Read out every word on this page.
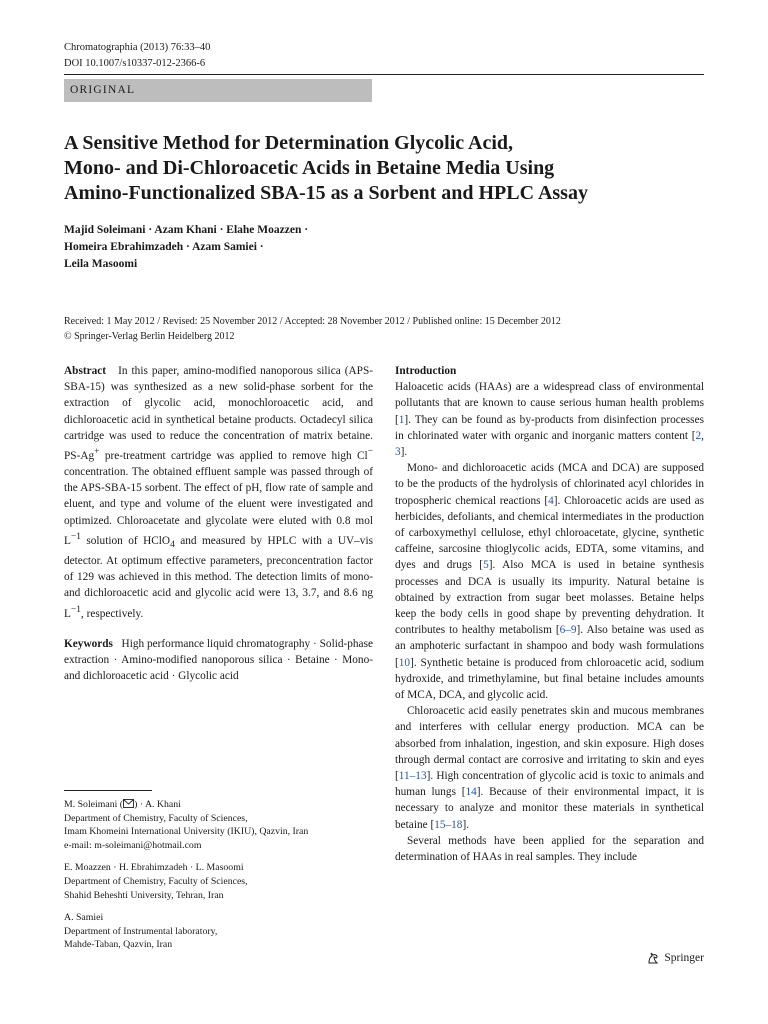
Chromatographia (2013) 76:33–40
DOI 10.1007/s10337-012-2366-6
ORIGINAL
A Sensitive Method for Determination Glycolic Acid,
Mono- and Di-Chloroacetic Acids in Betaine Media Using
Amino-Functionalized SBA-15 as a Sorbent and HPLC Assay
Majid Soleimani · Azam Khani · Elahe Moazzen ·
Homeira Ebrahimzadeh · Azam Samiei ·
Leila Masoomi
Received: 1 May 2012 / Revised: 25 November 2012 / Accepted: 28 November 2012 / Published online: 15 December 2012
© Springer-Verlag Berlin Heidelberg 2012

Abstract In this paper, amino-modified nanoporous silica (APS-SBA-15) was synthesized as a new solid-phase sorbent for the extraction of glycolic acid, monochloroacetic acid, and dichloroacetic acid in synthetical betaine products. Octadecyl silica cartridge was used to reduce the concentration of matrix betaine. PS-Ag+ pre-treatment cartridge was applied to remove high Cl− concentration. The obtained effluent sample was passed through of the APS-SBA-15 sorbent. The effect of pH, flow rate of sample and eluent, and type and volume of the eluent were investigated and optimized. Chloroacetate and glycolate were eluted with 0.8 mol $L^{-1}$ solution of HClO$_4$ and measured by HPLC with a UV–vis detector. At optimum effective parameters, preconcentration factor of 129 was achieved in this method. The detection limits of mono- and dichloroacetic acid and glycolic acid were 13, 3.7, and 8.6 ng $L^{-1}$, respectively.

Keywords High performance liquid chromatography · Solid-phase extraction · Amino-modified nanoporous silica · Betaine · Mono-and dichloroacetic acid · Glycolic acid

M. Soleimani ( ) · A. Khani
Department of Chemistry, Faculty of Sciences,
Imam Khomeini International University (IKIU), Qazvin, Iran
e-mail: m-soleimani@hotmail.com

E. Moazzen · H. Ebrahimzadeh · L. Masoomi
Department of Chemistry, Faculty of Sciences,
Shahid Beheshti University, Tehran, Iran

A. Samiei
Department of Instrumental laboratory,
Mahde-Taban, Qazvin, Iran

Introduction

Haloacetic acids (HAAs) are a widespread class of environmental pollutants that are known to cause serious human health problems [1]. They can be found as by-products from disinfection processes in chlorinated water with organic and inorganic matters content [2, 3].

Mono- and dichloroacetic acids (MCA and DCA) are supposed to be the products of the hydrolysis of chlorinated acyl chlorides in tropospheric chemical reactions [4]. Chloroacetic acids are used as herbicides, defoliants, and chemical intermediates in the production of carboxymethyl cellulose, ethyl chloroacetate, glycine, synthetic caffeine, sarcosine thioglycolic acids, EDTA, some vitamins, and dyes and drugs [5]. Also MCA is used in betaine synthesis processes and DCA is usually its impurity. Natural betaine is obtained by extraction from sugar beet molasses. Betaine helps keep the body cells in good shape by preventing dehydration. It contributes to healthy metabolism [6–9]. Also betaine was used as an amphoteric surfactant in shampoo and body wash formulations [10]. Synthetic betaine is produced from chloroacetic acid, sodium hydroxide, and trimethylamine, but final betaine includes amounts of MCA, DCA, and glycolic acid.

Chloroacetic acid easily penetrates skin and mucous membranes and interferes with cellular energy production. MCA can be absorbed from inhalation, ingestion, and skin exposure. High doses through dermal contact are corrosive and irritating to skin and eyes [11–13]. High concentration of glycolic acid is toxic to animals and human lungs [14]. Because of their environmental impact, it is necessary to analyze and monitor these materials in synthetical betaine [15–18].

Several methods have been applied for the separation and determination of HAAs in real samples. They include

Springer
